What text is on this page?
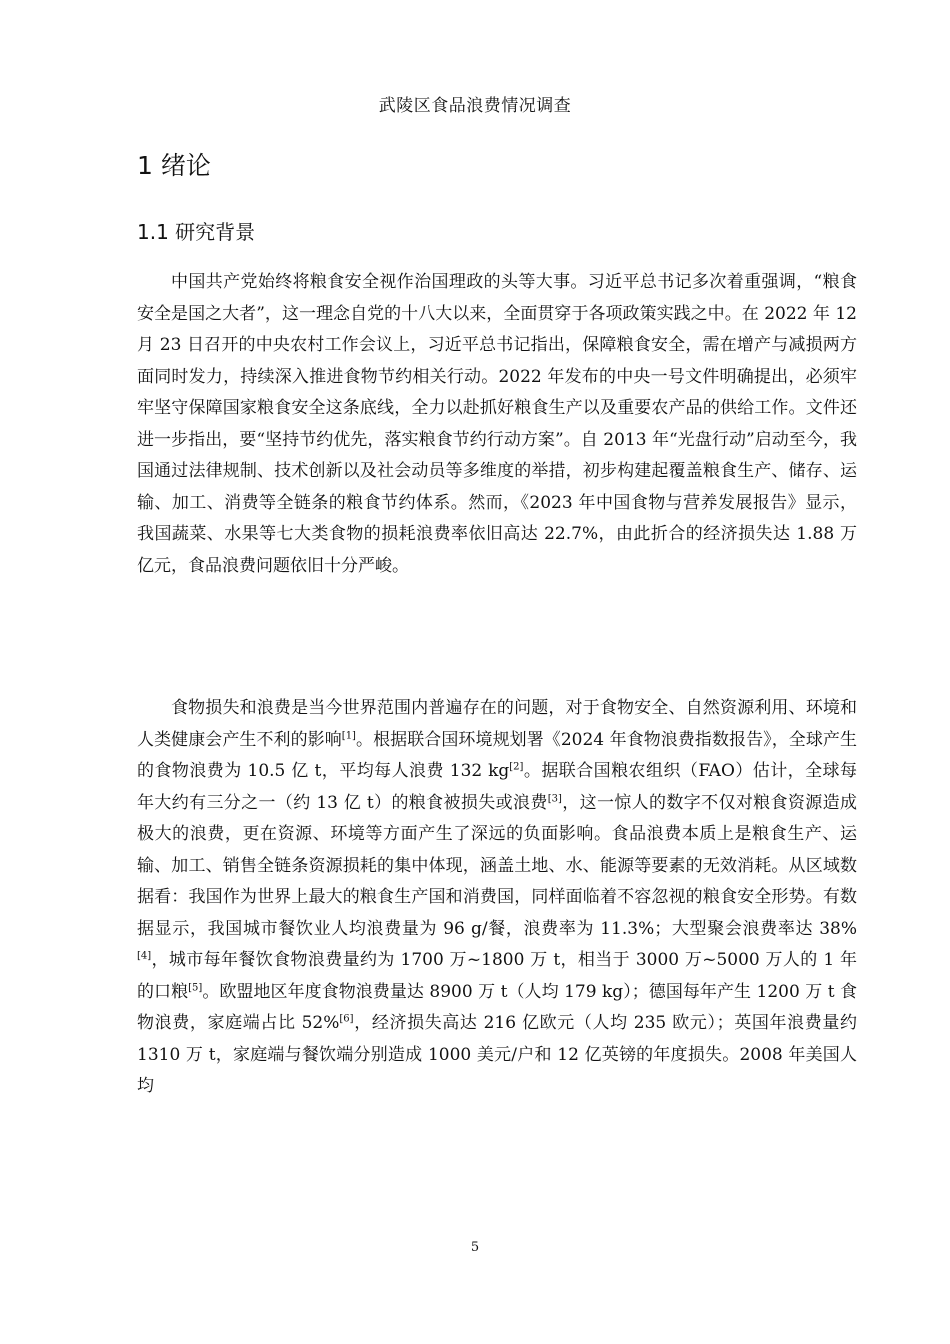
武陵区食品浪费情况调查
1 绪论
1.1 研究背景

中国共产党始终将粮食安全视作治国理政的头等大事。习近平总书记多次着重强调，“粮食安全是国之大者”，这一理念自党的十八大以来，全面贯穿于各项政策实践之中。在 2022 年 12 月 23 日召开的中央农村工作会议上，习近平总书记指出，保障粮食安全，需在增产与减损两方面同时发力，持续深入推进食物节约相关行动。2022 年发布的中央一号文件明确提出，必须牢牢坚守保障国家粮食安全这条底线，全力以赴抓好粮食生产以及重要农产品的供给工作。文件还进一步指出，要“坚持节约优先，落实粮食节约行动方案”。自 2013 年“光盘行动”启动至今，我国通过法律规制、技术创新以及社会动员等多维度的举措，初步构建起覆盖粮食生产、储存、运输、加工、消费等全链条的粮食节约体系。然而，《2023 年中国食物与营养发展报告》显示，我国蔬菜、水果等七大类食物的损耗浪费率依旧高达 22.7%，由此折合的经济损失达 1.88 万亿元，食品浪费问题依旧十分严峻。

食物损失和浪费是当今世界范围内普遍存在的问题，对于食物安全、自然资源利用、环境和人类健康会产生不利的影响[1]。根据联合国环境规划署《2024 年食物浪费指数报告》，全球产生的食物浪费为 10.5 亿 t，平均每人浪费 132 kg[2]。据联合国粮农组织（FAO）估计，全球每年大约有三分之一（约 13 亿 t）的粮食被损失或浪费[3]，这一惊人的数字不仅对粮食资源造成极大的浪费，更在资源、环境等方面产生了深远的负面影响。食品浪费本质上是粮食生产、运输、加工、销售全链条资源损耗的集中体现，涵盖土地、水、能源等要素的无效消耗。从区域数据看：我国作为世界上最大的粮食生产国和消费国，同样面临着不容忽视的粮食安全形势。有数据显示，我国城市餐饮业人均浪费量为 96 g/餐，浪费率为 11.3%；大型聚会浪费率达 38%[4]，城市每年餐饮食物浪费量约为 1700 万~1800 万 t，相当于 3000 万~5000 万人的 1 年的口粮[5]。欧盟地区年度食物浪费量达 8900 万 t（人均 179 kg）；德国每年产生 1200 万 t 食物浪费，家庭端占比 52%[6]，经济损失高达 216 亿欧元（人均 235 欧元）；英国年浪费量约 1310 万 t，家庭端与餐饮端分别造成 1000 美元/户和 12 亿英镑的年度损失。2008 年美国人均

5
